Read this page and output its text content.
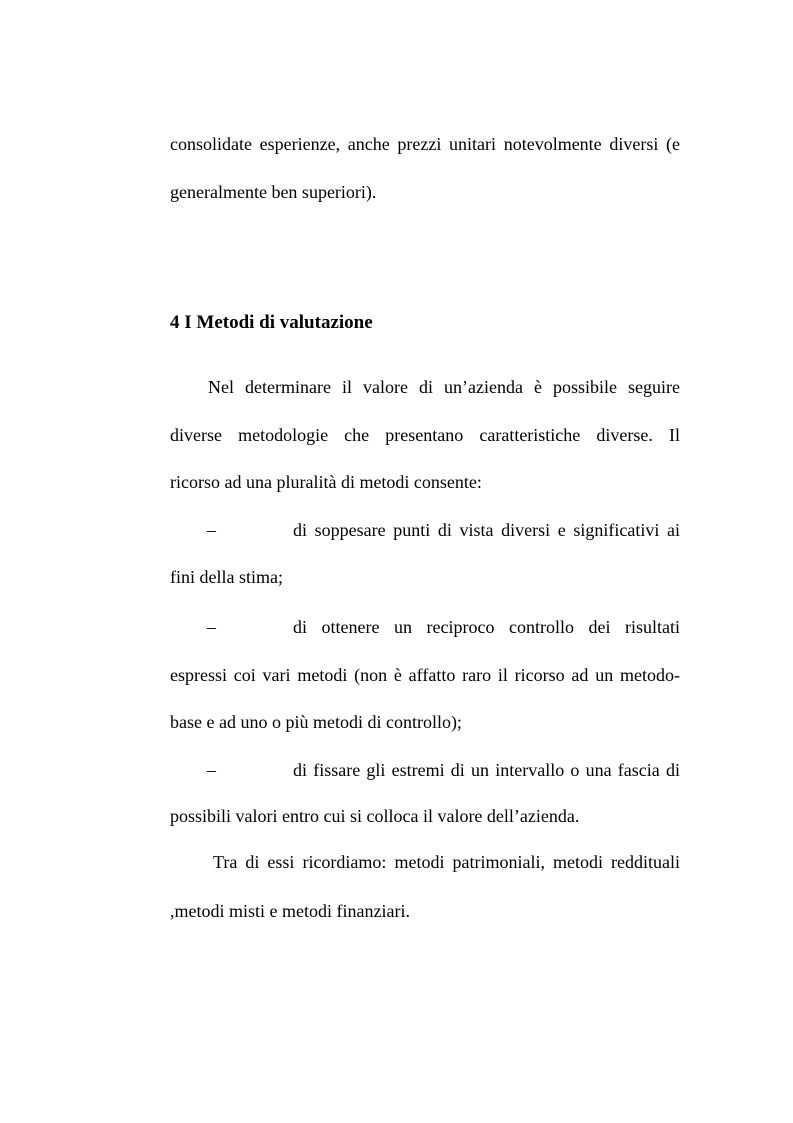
consolidate esperienze, anche prezzi unitari notevolmente diversi (e
generalmente ben superiori).
4 I Metodi di valutazione
Nel determinare il valore di un’azienda è possibile seguire
diverse metodologie che presentano caratteristiche diverse. Il
ricorso ad una pluralità di metodi consente:
–	di soppesare punti di vista diversi e significativi ai
fini della stima;
–	di ottenere un reciproco controllo dei risultati
espressi coi vari metodi (non è affatto raro il ricorso ad un metodo-
base e ad uno o più metodi di controllo);
–	di fissare gli estremi di un intervallo o una fascia di
possibili valori entro cui si colloca il valore dell’azienda.
Tra di essi ricordiamo: metodi patrimoniali, metodi reddituali
,metodi misti e metodi finanziari.
